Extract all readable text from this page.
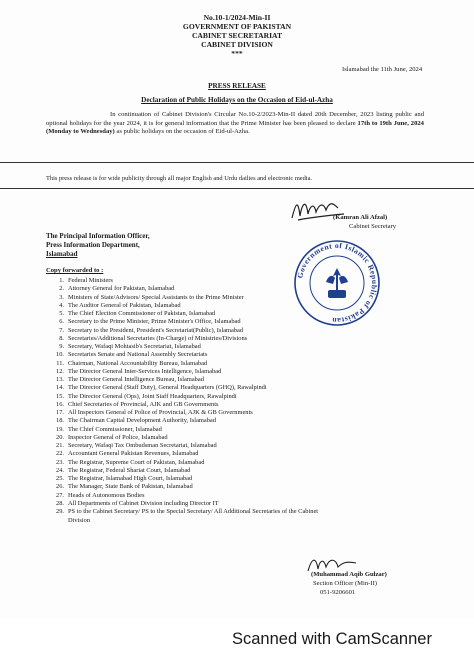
No.10-1/2024-Min-II
GOVERNMENT OF PAKISTAN
CABINET SECRETARIAT
CABINET DIVISION
***
Islamabad the 11th June, 2024
PRESS RELEASE
Declaration of Public Holidays on the Occasion of Eid-ul-Azha
In continuation of Cabinet Division's Circular No.10-2/2023-Min-II dated 20th December, 2023 listing public and optional holidays for the year 2024, it is for general information that the Prime Minister has been pleased to declare 17th to 19th June, 2024 (Monday to Wednesday) as public holidays on the occasion of Eid-ul-Azha.
This press release is for wide publicity through all major English and Urdu dailies and electronic media.
(Kamran Ali Afzal)
Cabinet Secretary
The Principal Information Officer,
Press Information Department,
Islamabad
Government of Islamic Republic of Pakistan
Copy forwarded to :
1. Federal Ministers
2. Attorney General for Pakistan, Islamabad
3. Ministers of State/Advisors/ Special Assistants to the Prime Minister
4. The Auditor General of Pakistan, Islamabad
5. The Chief Election Commissioner of Pakistan, Islamabad
6. Secretary to the Prime Minister, Prime Minister's Office, Islamabad
7. Secretary to the President, President's Secretariat(Public), Islamabad
8. Secretaries/Additional Secretaries (In-Charge) of Ministries/Divisions
9. Secretary, Wafaqi Mohtasib's Secretariat, Islamabad
10. Secretaries Senate and National Assembly Secretariats
11. Chairman, National Accountability Bureau, Islamabad
12. The Director General Inter-Services Intelligence, Islamabad
13. The Director General Intelligence Bureau, Islamabad
14. The Director General (Staff Duty), General Headquarters (GHQ), Rawalpindi
15. The Director General (Ops), Joint Staff Headquarters, Rawalpindi
16. Chief Secretaries of Provincial, AJK and GB Governments
17. All Inspectors General of Police of Provincial, AJK & GB Governments
18. The Chairman Capital Development Authority, Islamabad
19. The Chief Commissioner, Islamabad
20. Inspector General of Police, Islamabad
21. Secretary, Wafaqi Tax Ombudsman Secretariat, Islamabad
22. Accountant General Pakistan Revenues, Islamabad
23. The Registrar, Supreme Court of Pakistan, Islamabad
24. The Registrar, Federal Shariat Court, Islamabad
25. The Registrar, Islamabad High Court, Islamabad
26. The Manager, State Bank of Pakistan, Islamabad
27. Heads of Autonomous Bodies
28. All Departments of Cabinet Division including Director IT
29. PS to the Cabinet Secretary/ PS to the Special Secretary/ All Additional Secretaries of the Cabinet
Division
(Muhammad Aqib Gulzar)
Section Officer (Min-II)
051-9206601
Scanned with CamScanner
